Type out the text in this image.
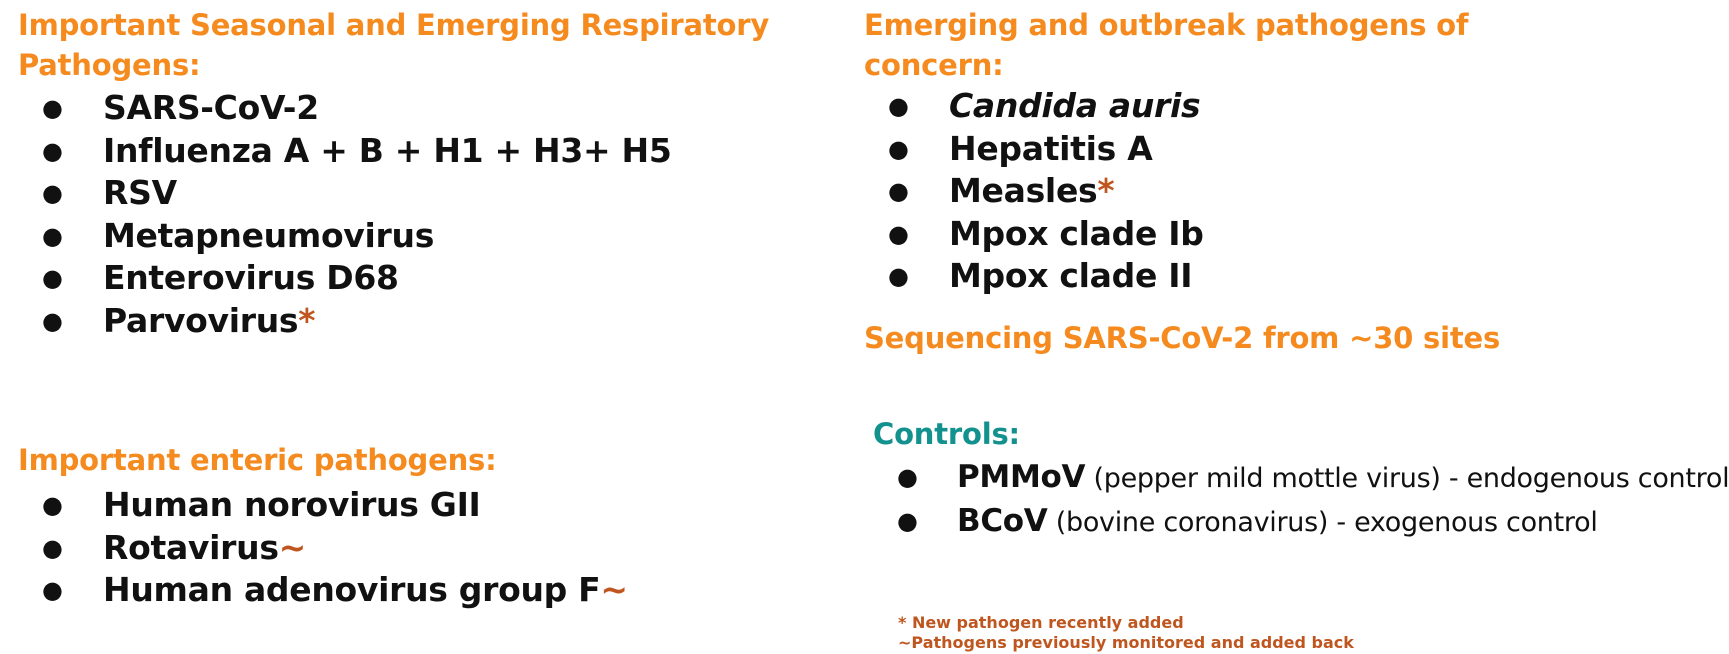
Important Seasonal and Emerging Respiratory Pathogens:
● SARS-CoV-2
● Influenza A + B + H1 + H3+ H5
● RSV
● Metapneumovirus
● Enterovirus D68
● Parvovirus*
Important enteric pathogens:
● Human norovirus GII
● Rotavirus~
● Human adenovirus group F~
Emerging and outbreak pathogens of concern:
● Candida auris
● Hepatitis A
● Measles*
● Mpox clade Ib
● Mpox clade II
Sequencing SARS-CoV-2 from ~30 sites
Controls:
● PMMoV (pepper mild mottle virus) - endogenous control
● BCoV (bovine coronavirus) - exogenous control
* New pathogen recently added
~Pathogens previously monitored and added back
